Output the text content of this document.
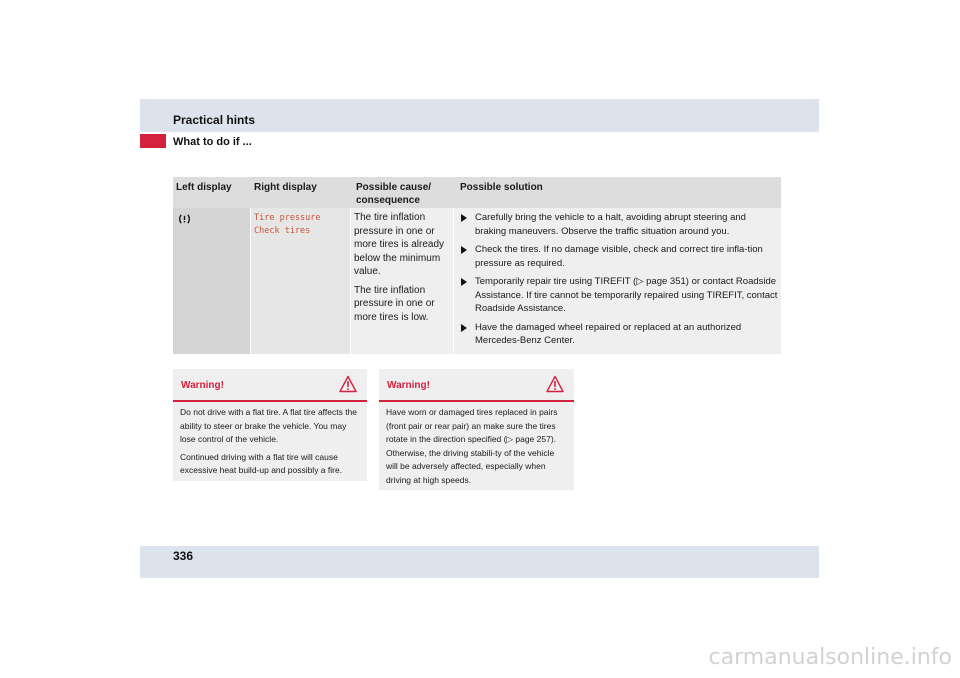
Practical hints
What to do if ...
Left display Right display	Possible cause/
consequence
Possible solution
Tire pressure
Check tires

The tire inflation pressure in one or more tires is already below the minimum value.

The tire inflation pressure in one or more tires is low.

Carefully bring the vehicle to a halt, avoiding abrupt steering and braking maneuvers. Observe the traffic situation around you.
Check the tires. If no damage visible, check and correct tire infla-tion pressure as required.
Temporarily repair tire using TIREFIT (▷ page 351) or contact Roadside Assistance. If tire cannot be temporarily repaired using TIREFIT, contact Roadside Assistance.
Have the damaged wheel repaired or replaced at an authorized Mercedes-Benz Center.
Warning!

Do not drive with a flat tire. A flat tire affects the ability to steer or brake the vehicle. You may lose control of the vehicle.

Continued driving with a flat tire will cause excessive heat build-up and possibly a fire.

Warning!

Have worn or damaged tires replaced in pairs (front pair or rear pair) an make sure the tires rotate in the direction specified (▷ page 257). Otherwise, the driving stabili-ty of the vehicle will be adversely affected, especially when driving at high speeds.

336
carmanualsonline.info
